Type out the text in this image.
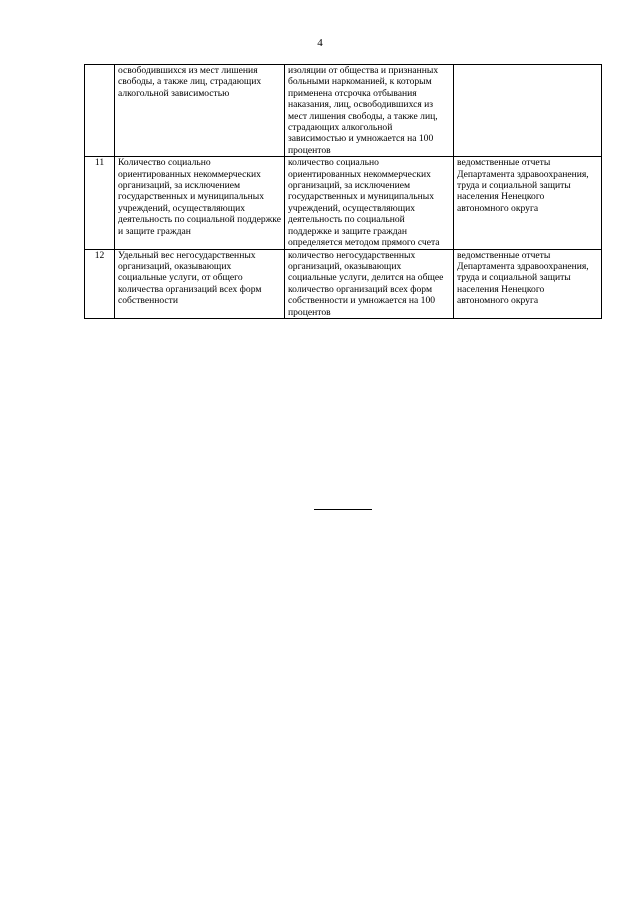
4
	освободившихся из мест лишения свободы, а также лиц, страдающих алкогольной зависимостью	изоляции от общества и признанных больными наркоманией, к которым применена отсрочка отбывания наказания, лиц, освободившихся из мест лишения свободы, а также лиц, страдающих алкогольной зависимостью и умножается на 100 процентов	
11	Количество социально ориентированных некоммерческих организаций, за исключением государственных и муниципальных учреждений, осуществляющих деятельность по социальной поддержке и защите граждан	количество социально ориентированных некоммерческих организаций, за исключением государственных и муниципальных учреждений, осуществляющих деятельность по социальной поддержке и защите граждан определяется методом прямого счета	ведомственные отчеты Департамента здравоохранения, труда и социальной защиты населения Ненецкого автономного округа
12	Удельный вес негосударственных организаций, оказывающих социальные услуги, от общего количества организаций всех форм собственности	количество негосударственных организаций, оказывающих социальные услуги, делится на общее количество организаций всех форм собственности и умножается на 100 процентов	ведомственные отчеты Департамента здравоохранения, труда и социальной защиты населения Ненецкого автономного округа
